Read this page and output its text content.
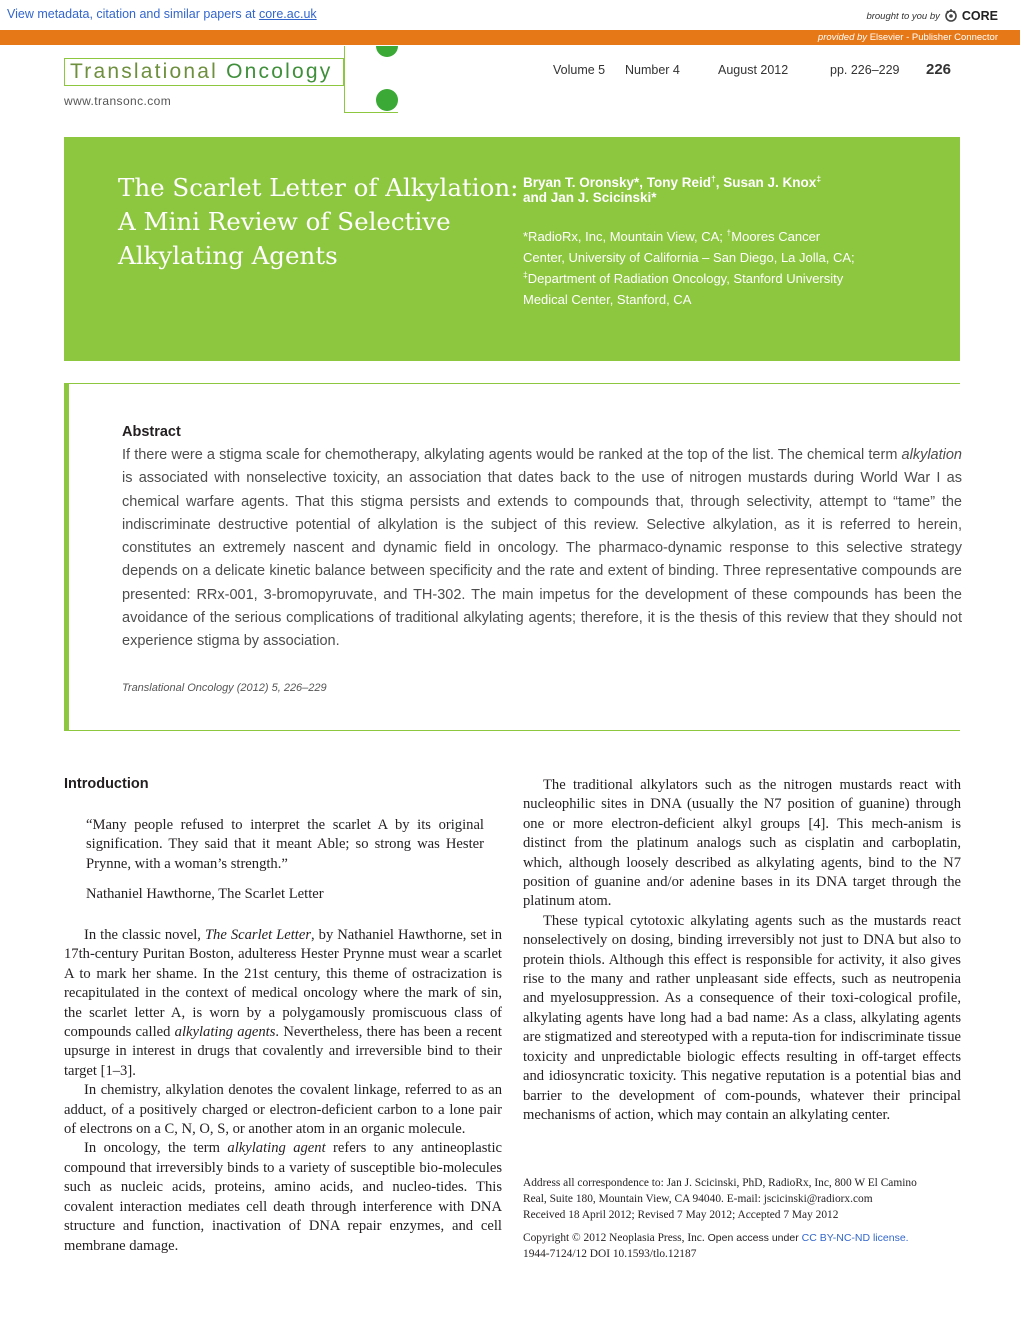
View metadata, citation and similar papers at core.ac.uk	brought to you by CORE
provided by Elsevier - Publisher Connector
Translational Oncology
www.transonc.com
Volume 5 Number 4	August 2012	pp. 226–229 226
The Scarlet Letter of Alkylation:
A Mini Review of Selective
Alkylating Agents
Bryan T. Oronsky*, Tony Reid†, Susan J. Knox‡
and Jan J. Scicinski*
*RadioRx, Inc, Mountain View, CA; †Moores Cancer
Center, University of California – San Diego, La Jolla, CA;
‡Department of Radiation Oncology, Stanford University
Medical Center, Stanford, CA
Abstract
If there were a stigma scale for chemotherapy, alkylating agents would be ranked at the top of the list. The chemical term alkylation is associated with nonselective toxicity, an association that dates back to the use of nitrogen mustards during World War I as chemical warfare agents. That this stigma persists and extends to compounds that, through selectivity, attempt to “tame” the indiscriminate destructive potential of alkylation is the subject of this review. Selective alkylation, as it is referred to herein, constitutes an extremely nascent and dynamic field in oncology. The pharmaco-dynamic response to this selective strategy depends on a delicate kinetic balance between specificity and the rate and extent of binding. Three representative compounds are presented: RRx-001, 3-bromopyruvate, and TH-302. The main impetus for the development of these compounds has been the avoidance of the serious complications of traditional alkylating agents; therefore, it is the thesis of this review that they should not experience stigma by association.
Translational Oncology (2012) 5, 226–229
Introduction
“Many people refused to interpret the scarlet A by its original signification. They said that it meant Able; so strong was Hester Prynne, with a woman’s strength.”
Nathaniel Hawthorne, The Scarlet Letter

In the classic novel, The Scarlet Letter, by Nathaniel Hawthorne, set in 17th-century Puritan Boston, adulteress Hester Prynne must wear a scarlet A to mark her shame. In the 21st century, this theme of ostracization is recapitulated in the context of medical oncology where the mark of sin, the scarlet letter A, is worn by a polygamously promiscuous class of compounds called alkylating agents. Nevertheless, there has been a recent upsurge in interest in drugs that covalently and irreversible bind to their target [1–3].

In chemistry, alkylation denotes the covalent linkage, referred to as an adduct, of a positively charged or electron-deficient carbon to a lone pair of electrons on a C, N, O, S, or another atom in an organic molecule.

In oncology, the term alkylating agent refers to any antineoplastic compound that irreversibly binds to a variety of susceptible bio-molecules such as nucleic acids, proteins, amino acids, and nucleo-tides. This covalent interaction mediates cell death through interference with DNA structure and function, inactivation of DNA repair enzymes, and cell membrane damage.

The traditional alkylators such as the nitrogen mustards react with nucleophilic sites in DNA (usually the N7 position of guanine) through one or more electron-deficient alkyl groups [4]. This mech-anism is distinct from the platinum analogs such as cisplatin and carboplatin, which, although loosely described as alkylating agents, bind to the N7 position of guanine and/or adenine bases in its DNA target through the platinum atom.

These typical cytotoxic alkylating agents such as the mustards react nonselectively on dosing, binding irreversibly not just to DNA but also to protein thiols. Although this effect is responsible for activity, it also gives rise to the many and rather unpleasant side effects, such as neutropenia and myelosuppression. As a consequence of their toxi-cological profile, alkylating agents have long had a bad name: As a class, alkylating agents are stigmatized and stereotyped with a reputa-tion for indiscriminate tissue toxicity and unpredictable biologic effects resulting in off-target effects and idiosyncratic toxicity. This negative reputation is a potential bias and barrier to the development of com-pounds, whatever their principal mechanisms of action, which may contain an alkylating center.

Address all correspondence to: Jan J. Scicinski, PhD, RadioRx, Inc, 800 W El Camino
Real, Suite 180, Mountain View, CA 94040. E-mail: jscicinski@radiorx.com
Received 18 April 2012; Revised 7 May 2012; Accepted 7 May 2012
Copyright © 2012 Neoplasia Press, Inc. Open access under CC BY-NC-ND license.
1944-7124/12 DOI 10.1593/tlo.12187
